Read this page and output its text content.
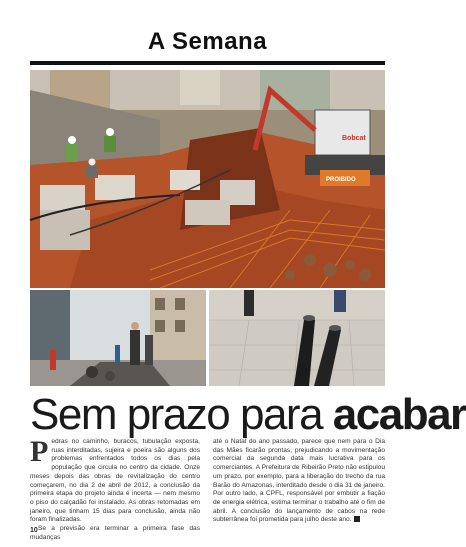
A Semana
Bobcat
PROIBIDO
Sem prazo para acabar
Pedras no caminho, buracos, tubulação exposta, ruas interditadas, sujeira e poeira são alguns dos problemas enfrentados todos os dias pela população que circula no centro da cidade. Onze meses depois das obras de revitalização do centro começarem, no dia 2 de abril de 2012, a conclusão da primeira etapa do projeto ainda é incerta — nem mesmo o piso do calçadão foi instalado. As obras retomadas em janeiro, que tinham 15 dias para conclusão, ainda não foram finalizadas.
Se a previsão era terminar a primeira fase das mudanças
até o Natal do ano passado, parece que nem para o Dia das Mães ficarão prontas, prejudicando a movimentação comercial da segunda data mais lucrativa para os comerciantes. A Prefeitura de Ribeirão Preto não estipulou um prazo, por exemplo, para a liberação do trecho da rua Barão do Amazonas, interditado desde o dia 31 de janeiro. Por outro lado, a CPFL, responsável por embutir a fiação de energia elétrica, estima terminar o trabalho até o fim de abril. A conclusão do lançamento de cabos na rede subterrânea foi prometida para julho deste ano.
10
